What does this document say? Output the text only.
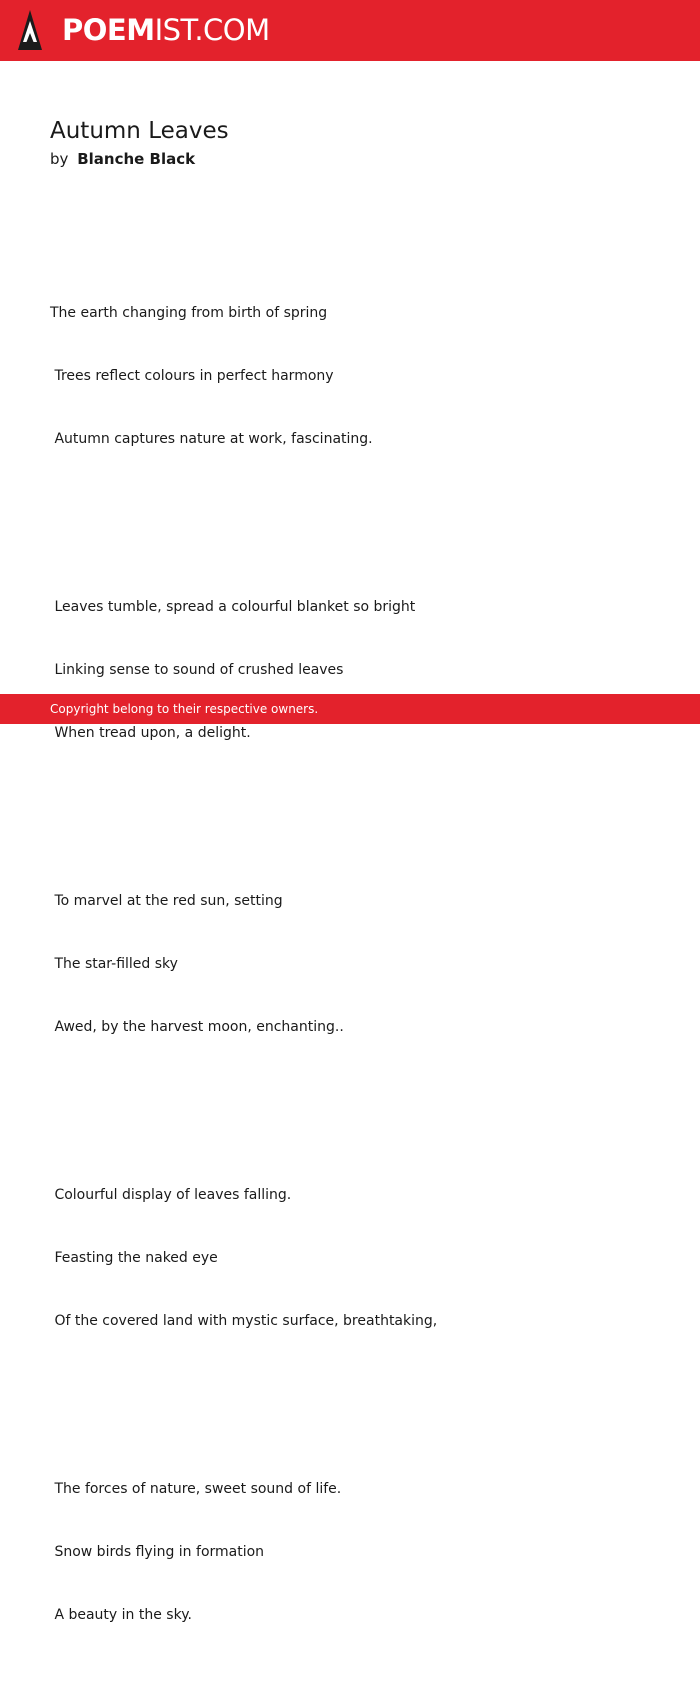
POEMIST.COM
Autumn Leaves
by Blanche Black

The earth changing from birth of spring

Trees reflect colours in perfect harmony

Autumn captures nature at work, fascinating.

Leaves tumble, spread a colourful blanket so bright

Linking sense to sound of crushed leaves

When tread upon, a delight.

To marvel at the red sun, setting

The star-filled sky

Awed, by the harvest moon, enchanting..

Colourful display of leaves falling.

Feasting the naked eye

Of the covered land with mystic surface, breathtaking,

The forces of nature, sweet sound of life.

Snow birds flying in formation

A beauty in the sky.

Copyright belong to their respective owners.
